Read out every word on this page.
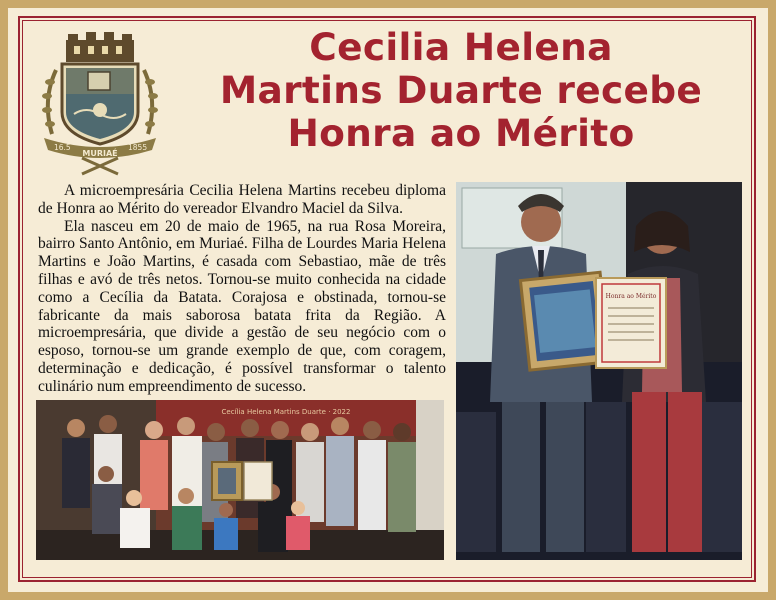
16.5
MURIAÉ
1855
Cecilia Helena
Martins Duarte recebe
Honra ao Mérito

A microempresária Cecilia Helena Martins recebeu diploma de Honra ao Mérito do vereador Elvandro Maciel da Silva.

Ela nasceu em 20 de maio de 1965, na rua Rosa Moreira, bairro Santo Antônio, em Muriaé. Filha de Lourdes Maria Helena Martins e João Martins, é casada com Sebastiao, mãe de três filhas e avó de três netos. Tornou-se muito conhecida na cidade como a Cecília da Batata. Corajosa e obstinada, tornou-se fabricante da mais saborosa batata frita da Região. A microempresária, que divide a gestão de seu negócio com o esposo, tornou-se um grande exemplo de que, com coragem, determinação e dedicação, é possível transformar o talento culinário num empreendimento de sucesso.

Cecília Helena Martins Duarte · 2022
Honra ao Mérito
